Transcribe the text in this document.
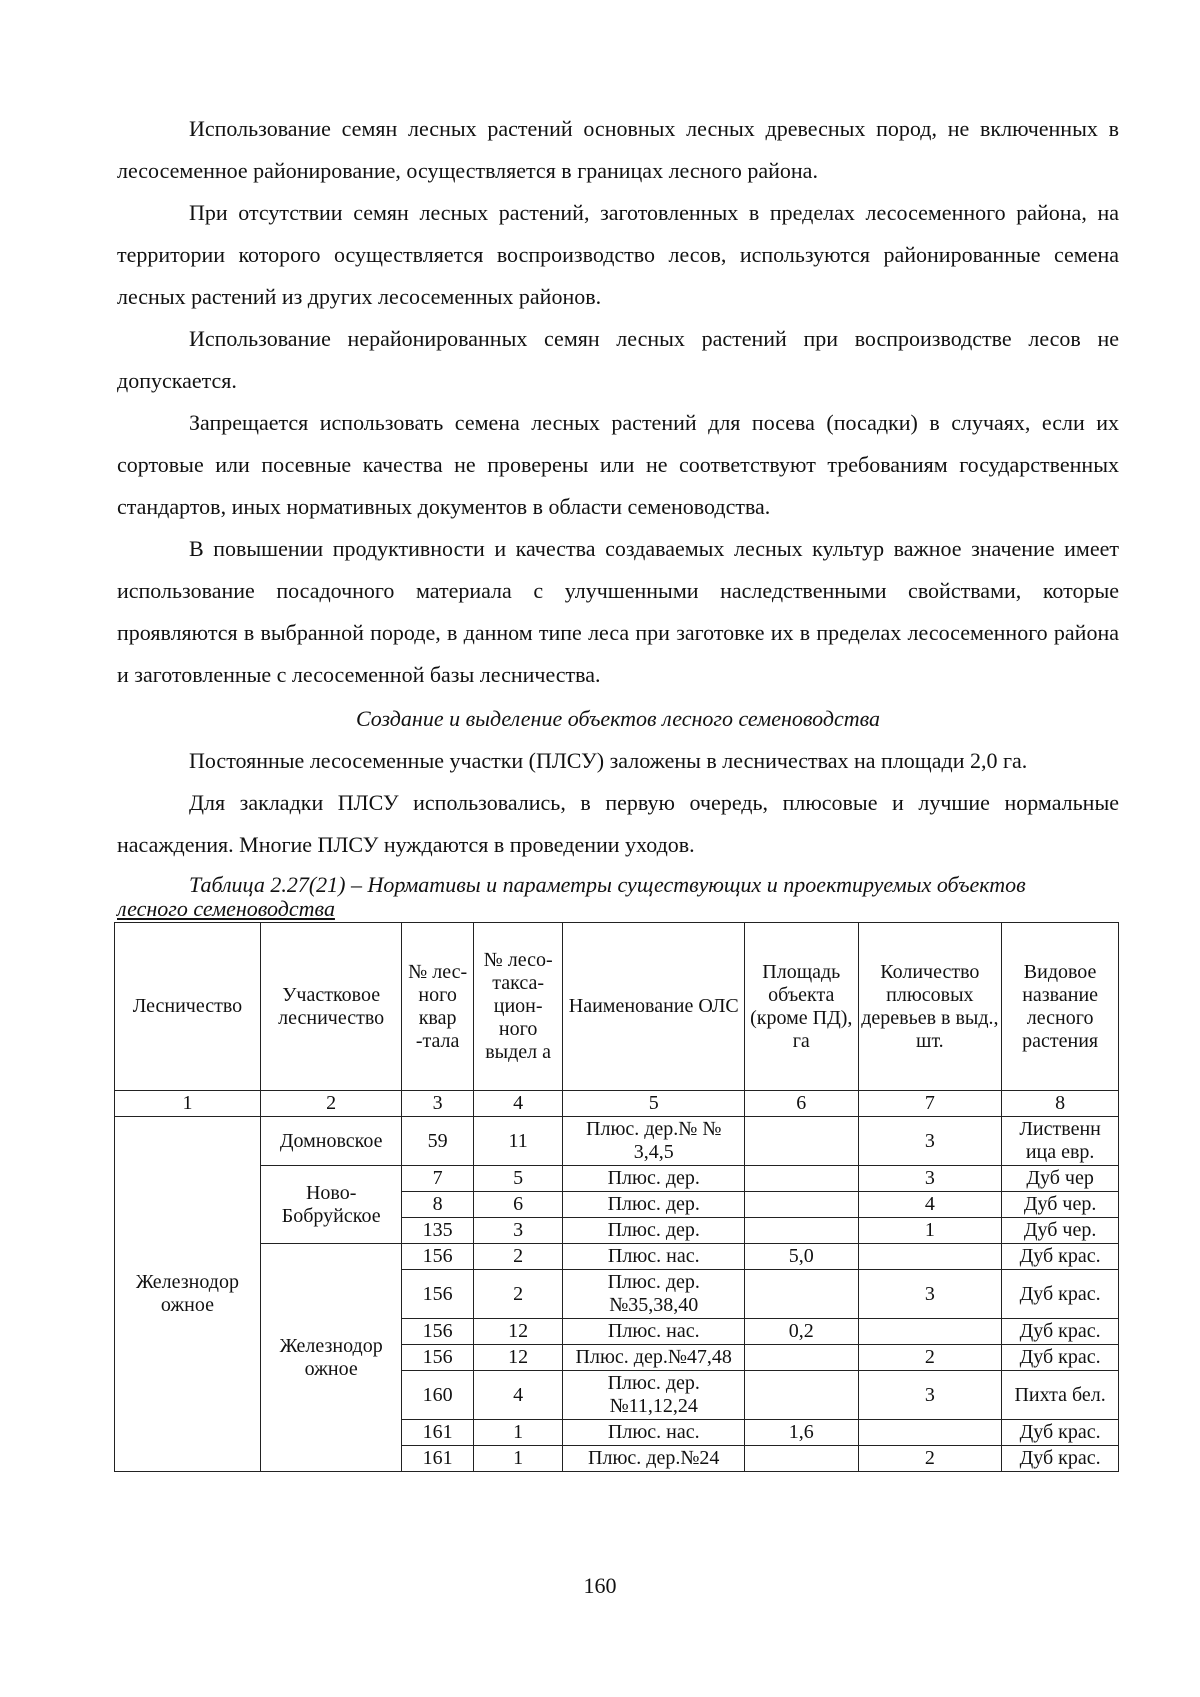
Использование семян лесных растений основных лесных древесных пород, не включенных в лесосеменное районирование, осуществляется в границах лесного района.

При отсутствии семян лесных растений, заготовленных в пределах лесосеменного района, на территории которого осуществляется воспроизводство лесов, используются районированные семена лесных растений из других лесосеменных районов.

Использование нерайонированных семян лесных растений при воспроизводстве лесов не допускается.

Запрещается использовать семена лесных растений для посева (посадки) в случаях, если их сортовые или посевные качества не проверены или не соответствуют требованиям государственных стандартов, иных нормативных документов в области семеноводства.

В повышении продуктивности и качества создаваемых лесных культур важное значение имеет использование посадочного материала с улучшенными наследственными свойствами, которые проявляются в выбранной породе, в данном типе леса при заготовке их в пределах лесосеменного района и заготовленные с лесосеменной базы лесничества.

Создание и выделение объектов лесного семеноводства

Постоянные лесосеменные участки (ПЛСУ) заложены в лесничествах на площади 2,0 га.

Для закладки ПЛСУ использовались, в первую очередь, плюсовые и лучшие нормальные насаждения. Многие ПЛСУ нуждаются в проведении уходов.

Таблица 2.27(21) – Нормативы и параметры существующих и проектируемых объектов
лесного семеноводства
Лесничество	Участковое лесничество	№ лес-ного квар -тала	№ лесо-такса-цион-ного выдел а	Наименование ОЛС	Площадь объекта (кроме ПД), га	Количество плюсовых деревьев в выд., шт.	Видовое название лесного растения
1	2	3	4	5	6	7	8
Железнодор ожное	Домновское	59	11	Плюс. дер.№ № 3,4,5		3	Лиственн ица евр.
	Ново-Бобруйское	7	5	Плюс. дер.		3	Дуб чер
		8	6	Плюс. дер.		4	Дуб чер.
		135	3	Плюс. дер.		1	Дуб чер.
	Железнодор ожное	156	2	Плюс. нас.	5,0		Дуб крас.
		156	2	Плюс. дер.№35,38,40		3	Дуб крас.
		156	12	Плюс. нас.	0,2		Дуб крас.
		156	12	Плюс. дер.№47,48		2	Дуб крас.
		160	4	Плюс. дер.№11,12,24		3	Пихта бел.
		161	1	Плюс. нас.	1,6		Дуб крас.
		161	1	Плюс. дер.№24		2	Дуб крас.
160
